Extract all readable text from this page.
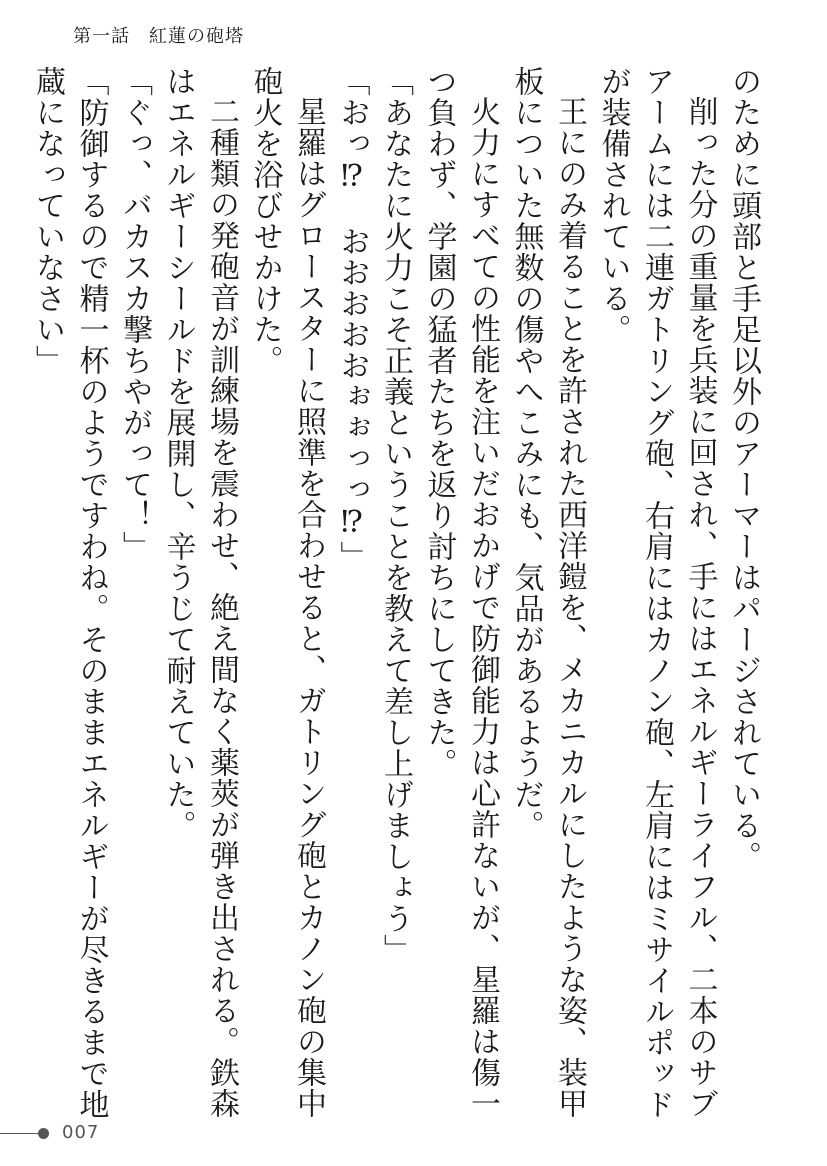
第一話　紅蓮の砲塔

のために頭部と手足以外のアーマーはパージされている。

削った分の重量を兵装に回され、手にはエネルギーライフル、二本のサブアームには二連ガトリング砲、右肩にはカノン砲、左肩にはミサイルポッドが装備されている。

王にのみ着ることを許された西洋鎧を、メカニカルにしたような姿、装甲板についた無数の傷やへこみにも、気品があるようだ。

火力にすべての性能を注いだおかげで防御能力は心許ないが、星羅は傷一つ負わず、学園の猛者たちを返り討ちにしてきた。

「あなたに火力こそ正義ということを教えて差し上げましょう」

「おっ⁉　おおおおおぉぉっっ⁉」

星羅はグロースターに照準を合わせると、ガトリング砲とカノン砲の集中砲火を浴びせかけた。

二種類の発砲音が訓練場を震わせ、絶え間なく薬莢が弾き出される。鉄森はエネルギーシールドを展開し、辛うじて耐えていた。

「ぐっ、バカスカ撃ちやがって！」

「防御するので精一杯のようですわね。そのままエネルギーが尽きるまで地蔵になっていなさい」

007
